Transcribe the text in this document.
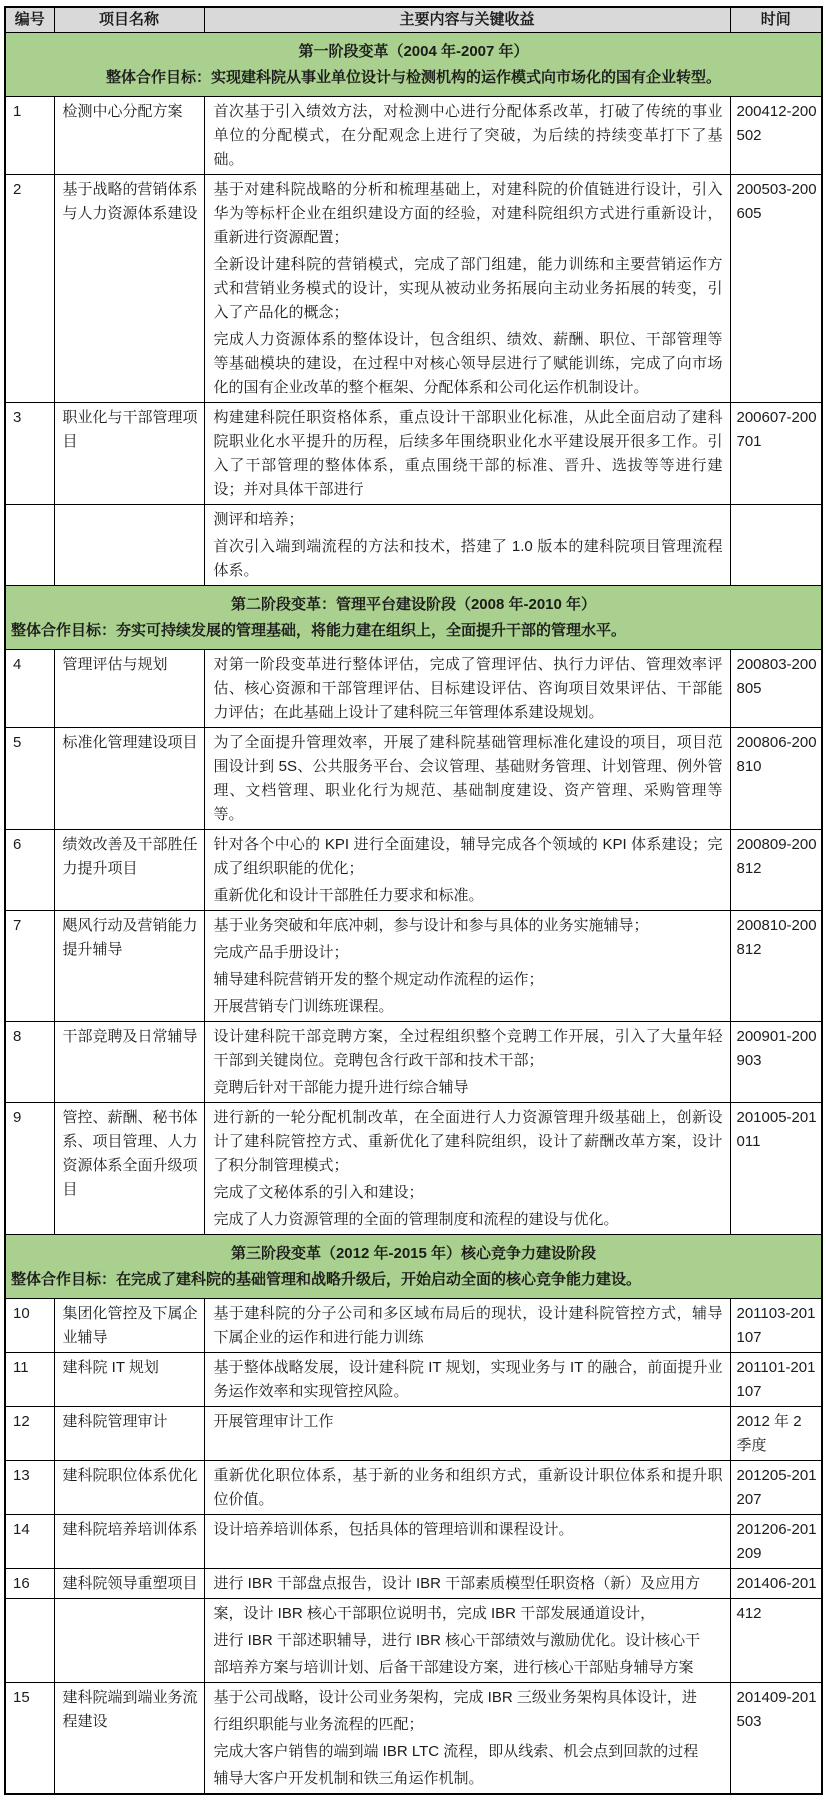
编号	项目名称	主要内容与关键收益	时间

第一阶段变革（2004 年-2007 年）
整体合作目标：实现建科院从事业单位设计与检测机构的运作模式向市场化的国有企业转型。			

1	检测中心分配方案	首次基于引入绩效方法，对检测中心进行分配体系改革，打破了传统的事业单位的分配模式，在分配观念上进行了突破，为后续的持续变革打下了基础。	200412-200502
2	基于战略的营销体系与人力资源体系建设	基于对建科院战略的分析和梳理基础上，对建科院的价值链进行设计，引入华为等标杆企业在组织建设方面的经验，对建科院组织方式进行重新设计，重新进行资源配置；
全新设计建科院的营销模式，完成了部门组建，能力训练和主要营销运作方式和营销业务模式的设计，实现从被动业务拓展向主动业务拓展的转变，引入了产品化的概念；
完成人力资源体系的整体设计，包含组织、绩效、薪酬、职位、干部管理等等基础模块的建设，在过程中对核心领导层进行了赋能训练，完成了向市场化的国有企业改革的整个框架、分配体系和公司化运作机制设计。	200503-200605
3	职业化与干部管理项目	构建建科院任职资格体系，重点设计干部职业化标准，从此全面启动了建科院职业化水平提升的历程，后续多年围绕职业化水平建设展开很多工作。引入了干部管理的整体体系，重点围绕干部的标准、晋升、选拔等等进行建设；并对具体干部进行	200607-200701

		测评和培养；
首次引入端到端流程的方法和技术，搭建了 1.0 版本的建科院项目管理流程体系。	

第二阶段变革：管理平台建设阶段（2008 年-2010 年）
整体合作目标：夯实可持续发展的管理基础，将能力建在组织上，全面提升干部的管理水平。			

4	管理评估与规划	对第一阶段变革进行整体评估，完成了管理评估、执行力评估、管理效率评估、核心资源和干部管理评估、目标建设评估、咨询项目效果评估、干部能力评估；在此基础上设计了建科院三年管理体系建设规划。	200803-200805
5	标准化管理建设项目	为了全面提升管理效率，开展了建科院基础管理标准化建设的项目，项目范围设计到 5S、公共服务平台、会议管理、基础财务管理、计划管理、例外管理、文档管理、职业化行为规范、基础制度建设、资产管理、采购管理等等。	200806-200810
6	绩效改善及干部胜任力提升项目	针对各个中心的 KPI 进行全面建设，辅导完成各个领域的 KPI 体系建设；完成了组织职能的优化；
重新优化和设计干部胜任力要求和标准。	200809-200812
7	飓风行动及营销能力提升辅导	基于业务突破和年底冲刺，参与设计和参与具体的业务实施辅导；
完成产品手册设计；
辅导建科院营销开发的整个规定动作流程的运作；
开展营销专门训练班课程。	200810-200812
8	干部竞聘及日常辅导	设计建科院干部竞聘方案，全过程组织整个竞聘工作开展，引入了大量年轻干部到关键岗位。竞聘包含行政干部和技术干部；
竞聘后针对干部能力提升进行综合辅导	200901-200903
9	管控、薪酬、秘书体系、项目管理、人力资源体系全面升级项目	进行新的一轮分配机制改革，在全面进行人力资源管理升级基础上，创新设计了建科院管控方式、重新优化了建科院组织，设计了薪酬改革方案，设计了积分制管理模式；
完成了文秘体系的引入和建设；
完成了人力资源管理的全面的管理制度和流程的建设与优化。	201005-201011

第三阶段变革（2012 年-2015 年）核心竞争力建设阶段
整体合作目标：在完成了建科院的基础管理和战略升级后，开始启动全面的核心竞争能力建设。			

10	集团化管控及下属企业辅导	基于建科院的分子公司和多区域布局后的现状，设计建科院管控方式，辅导下属企业的运作和进行能力训练	201103-201107
11	建科院 IT 规划	基于整体战略发展，设计建科院 IT 规划，实现业务与 IT 的融合，前面提升业务运作效率和实现管控风险。	201101-201107
12	建科院管理审计	开展管理审计工作	2012 年 2 季度
13	建科院职位体系优化	重新优化职位体系，基于新的业务和组织方式，重新设计职位体系和提升职位价值。	201205-201207
14	建科院培养培训体系	设计培养培训体系，包括具体的管理培训和课程设计。	201206-201209
16	建科院领导重塑项目	进行 IBR 干部盘点报告，设计 IBR 干部素质模型任职资格（新）及应用方	201406-201

		案，设计 IBR 核心干部职位说明书，完成 IBR 干部发展通道设计，
进行 IBR 干部述职辅导，进行 IBR 核心干部绩效与激励优化。设计核心干
部培养方案与培训计划、后备干部建设方案，进行核心干部贴身辅导方案	412
15	建科院端到端业务流程建设	基于公司战略，设计公司业务架构，完成 IBR 三级业务架构具体设计，进
行组织职能与业务流程的匹配；
完成大客户销售的端到端 IBR LTC 流程，即从线索、机会点到回款的过程
辅导大客户开发机制和铁三角运作机制。	201409-201503
